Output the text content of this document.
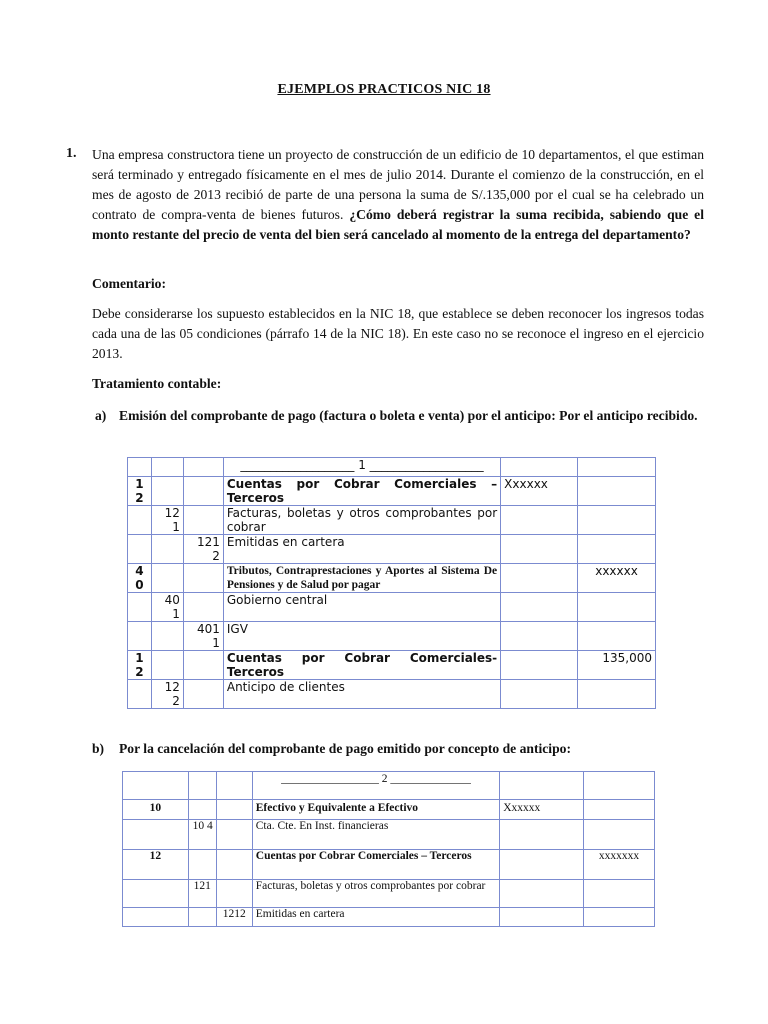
EJEMPLOS PRACTICOS NIC 18
1. Una empresa constructora tiene un proyecto de construcción de un edificio de 10 departamentos, el que estiman será terminado y entregado físicamente en el mes de julio 2014. Durante el comienzo de la construcción, en el mes de agosto de 2013 recibió de parte de una persona la suma de S/.135,000 por el cual se ha celebrado un contrato de compra-venta de bienes futuros. ¿Cómo deberá registrar la suma recibida, sabiendo que el monto restante del precio de venta del bien será cancelado al momento de la entrega del departamento?
Comentario:
Debe considerarse los supuesto establecidos en la NIC 18, que establece se deben reconocer los ingresos todas cada una de las 05 condiciones (párrafo 14 de la NIC 18). En este caso no se reconoce el ingreso en el ejercicio 2013.
Tratamiento contable:
a) Emisión del comprobante de pago (factura o boleta e venta) por el anticipo: Por el anticipo recibido.
			___________________ 1 ___________________		
1 2			Cuentas por Cobrar Comerciales – Terceros	Xxxxxx	
	12 1		Facturas, boletas y otros comprobantes por cobrar		
		121 2	Emitidas en cartera		
4 0			Tributos, Contraprestaciones y Aportes al Sistema De Pensiones y de Salud por pagar		xxxxxx
	40 1		Gobierno central		
		401 1	IGV		
1 2			Cuentas por Cobrar Comerciales- Terceros		135,000
	12 2		Anticipo de clientes		
b) Por la cancelación del comprobante de pago emitido por concepto de anticipo:
			_________________ 2 ______________		
10			Efectivo y Equivalente a Efectivo	Xxxxxx	
	10 4		Cta. Cte. En Inst. financieras		
12			Cuentas por Cobrar Comerciales – Terceros		xxxxxxx
	121		Facturas, boletas y otros comprobantes por cobrar		
		1212	Emitidas en cartera		
